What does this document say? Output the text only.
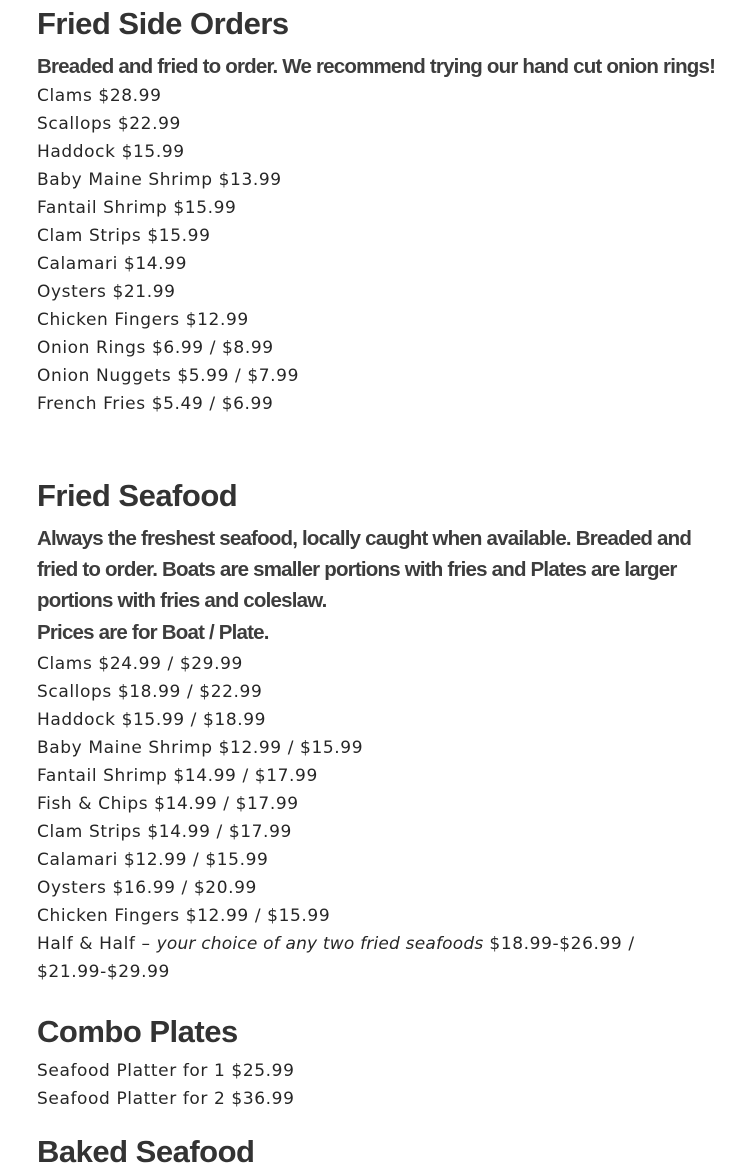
Fried Side Orders

Breaded and fried to order. We recommend trying our hand cut onion rings!

Clams $28.99
Scallops $22.99
Haddock $15.99
Baby Maine Shrimp $13.99
Fantail Shrimp $15.99
Clam Strips $15.99
Calamari $14.99
Oysters $21.99
Chicken Fingers $12.99
Onion Rings $6.99 / $8.99
Onion Nuggets $5.99 / $7.99
French Fries $5.49 / $6.99
Fried Seafood

Always the freshest seafood, locally caught when available. Breaded and fried to order. Boats are smaller portions with fries and Plates are larger portions with fries and coleslaw.

Prices are for Boat / Plate.

Clams $24.99 / $29.99
Scallops $18.99 / $22.99
Haddock $15.99 / $18.99
Baby Maine Shrimp $12.99 / $15.99
Fantail Shrimp $14.99 / $17.99
Fish & Chips $14.99 / $17.99
Clam Strips $14.99 / $17.99
Calamari $12.99 / $15.99
Oysters $16.99 / $20.99
Chicken Fingers $12.99 / $15.99
Half & Half – your choice of any two fried seafoods $18.99-$26.99 / $21.99-$29.99
Combo Plates
Seafood Platter for 1 $25.99
Seafood Platter for 2 $36.99
Baked Seafood
